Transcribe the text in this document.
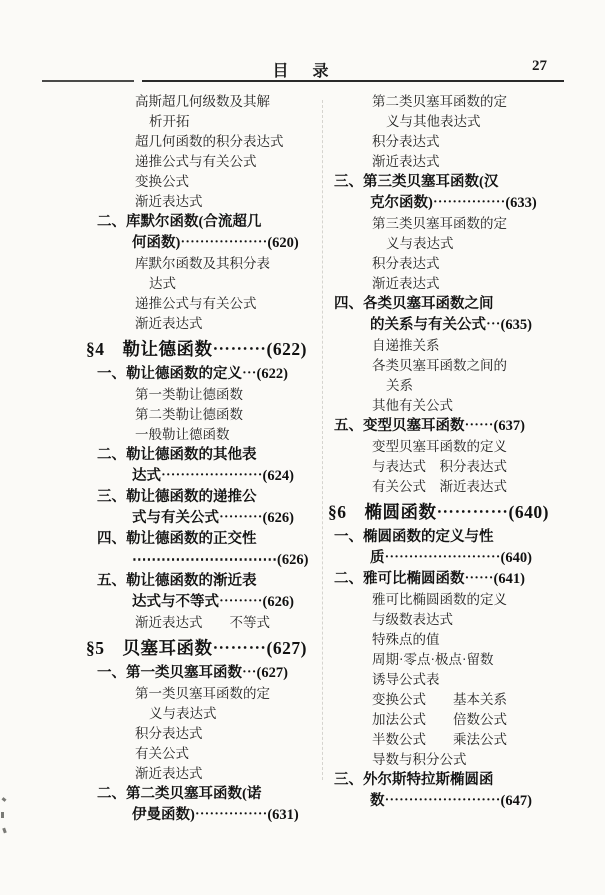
目　录	27
高斯超几何级数及其解
析开拓
超几何函数的积分表达式
递推公式与有关公式
变换公式
渐近表达式
二、库默尔函数(合流超几
何函数)⋯⋯⋯⋯⋯⋯(620)
库默尔函数及其积分表
达式
递推公式与有关公式
渐近表达式
§4　勒让德函数⋯⋯⋯(622)
一、勒让德函数的定义⋯(622)
第一类勒让德函数
第二类勒让德函数
一般勒让德函数
二、勒让德函数的其他表
达式⋯⋯⋯⋯⋯⋯⋯(624)
三、勒让德函数的递推公
式与有关公式⋯⋯⋯(626)
四、勒让德函数的正交性
⋯⋯⋯⋯⋯⋯⋯⋯⋯⋯(626)
五、勒让德函数的渐近表
达式与不等式⋯⋯⋯(626)
渐近表达式　　不等式
§5　贝塞耳函数⋯⋯⋯(627)
一、第一类贝塞耳函数⋯(627)
第一类贝塞耳函数的定
义与表达式
积分表达式
有关公式
渐近表达式
二、第二类贝塞耳函数(诺
伊曼函数)⋯⋯⋯⋯⋯(631)
第二类贝塞耳函数的定
义与其他表达式
积分表达式
渐近表达式
三、第三类贝塞耳函数(汉
克尔函数)⋯⋯⋯⋯⋯(633)
第三类贝塞耳函数的定
义与表达式
积分表达式
渐近表达式
四、各类贝塞耳函数之间
的关系与有关公式⋯(635)
自递推关系
各类贝塞耳函数之间的
关系
其他有关公式
五、变型贝塞耳函数⋯⋯(637)
变型贝塞耳函数的定义
与表达式　积分表达式
有关公式　渐近表达式
§6　椭圆函数⋯⋯⋯⋯(640)
一、椭圆函数的定义与性
质⋯⋯⋯⋯⋯⋯⋯⋯(640)
二、雅可比椭圆函数⋯⋯(641)
雅可比椭圆函数的定义
与级数表达式
特殊点的值
周期·零点·极点·留数
诱导公式表
变换公式　　基本关系
加法公式　　倍数公式
半数公式　　乘法公式
导数与积分公式
三、外尔斯特拉斯椭圆函
数⋯⋯⋯⋯⋯⋯⋯⋯(647)
